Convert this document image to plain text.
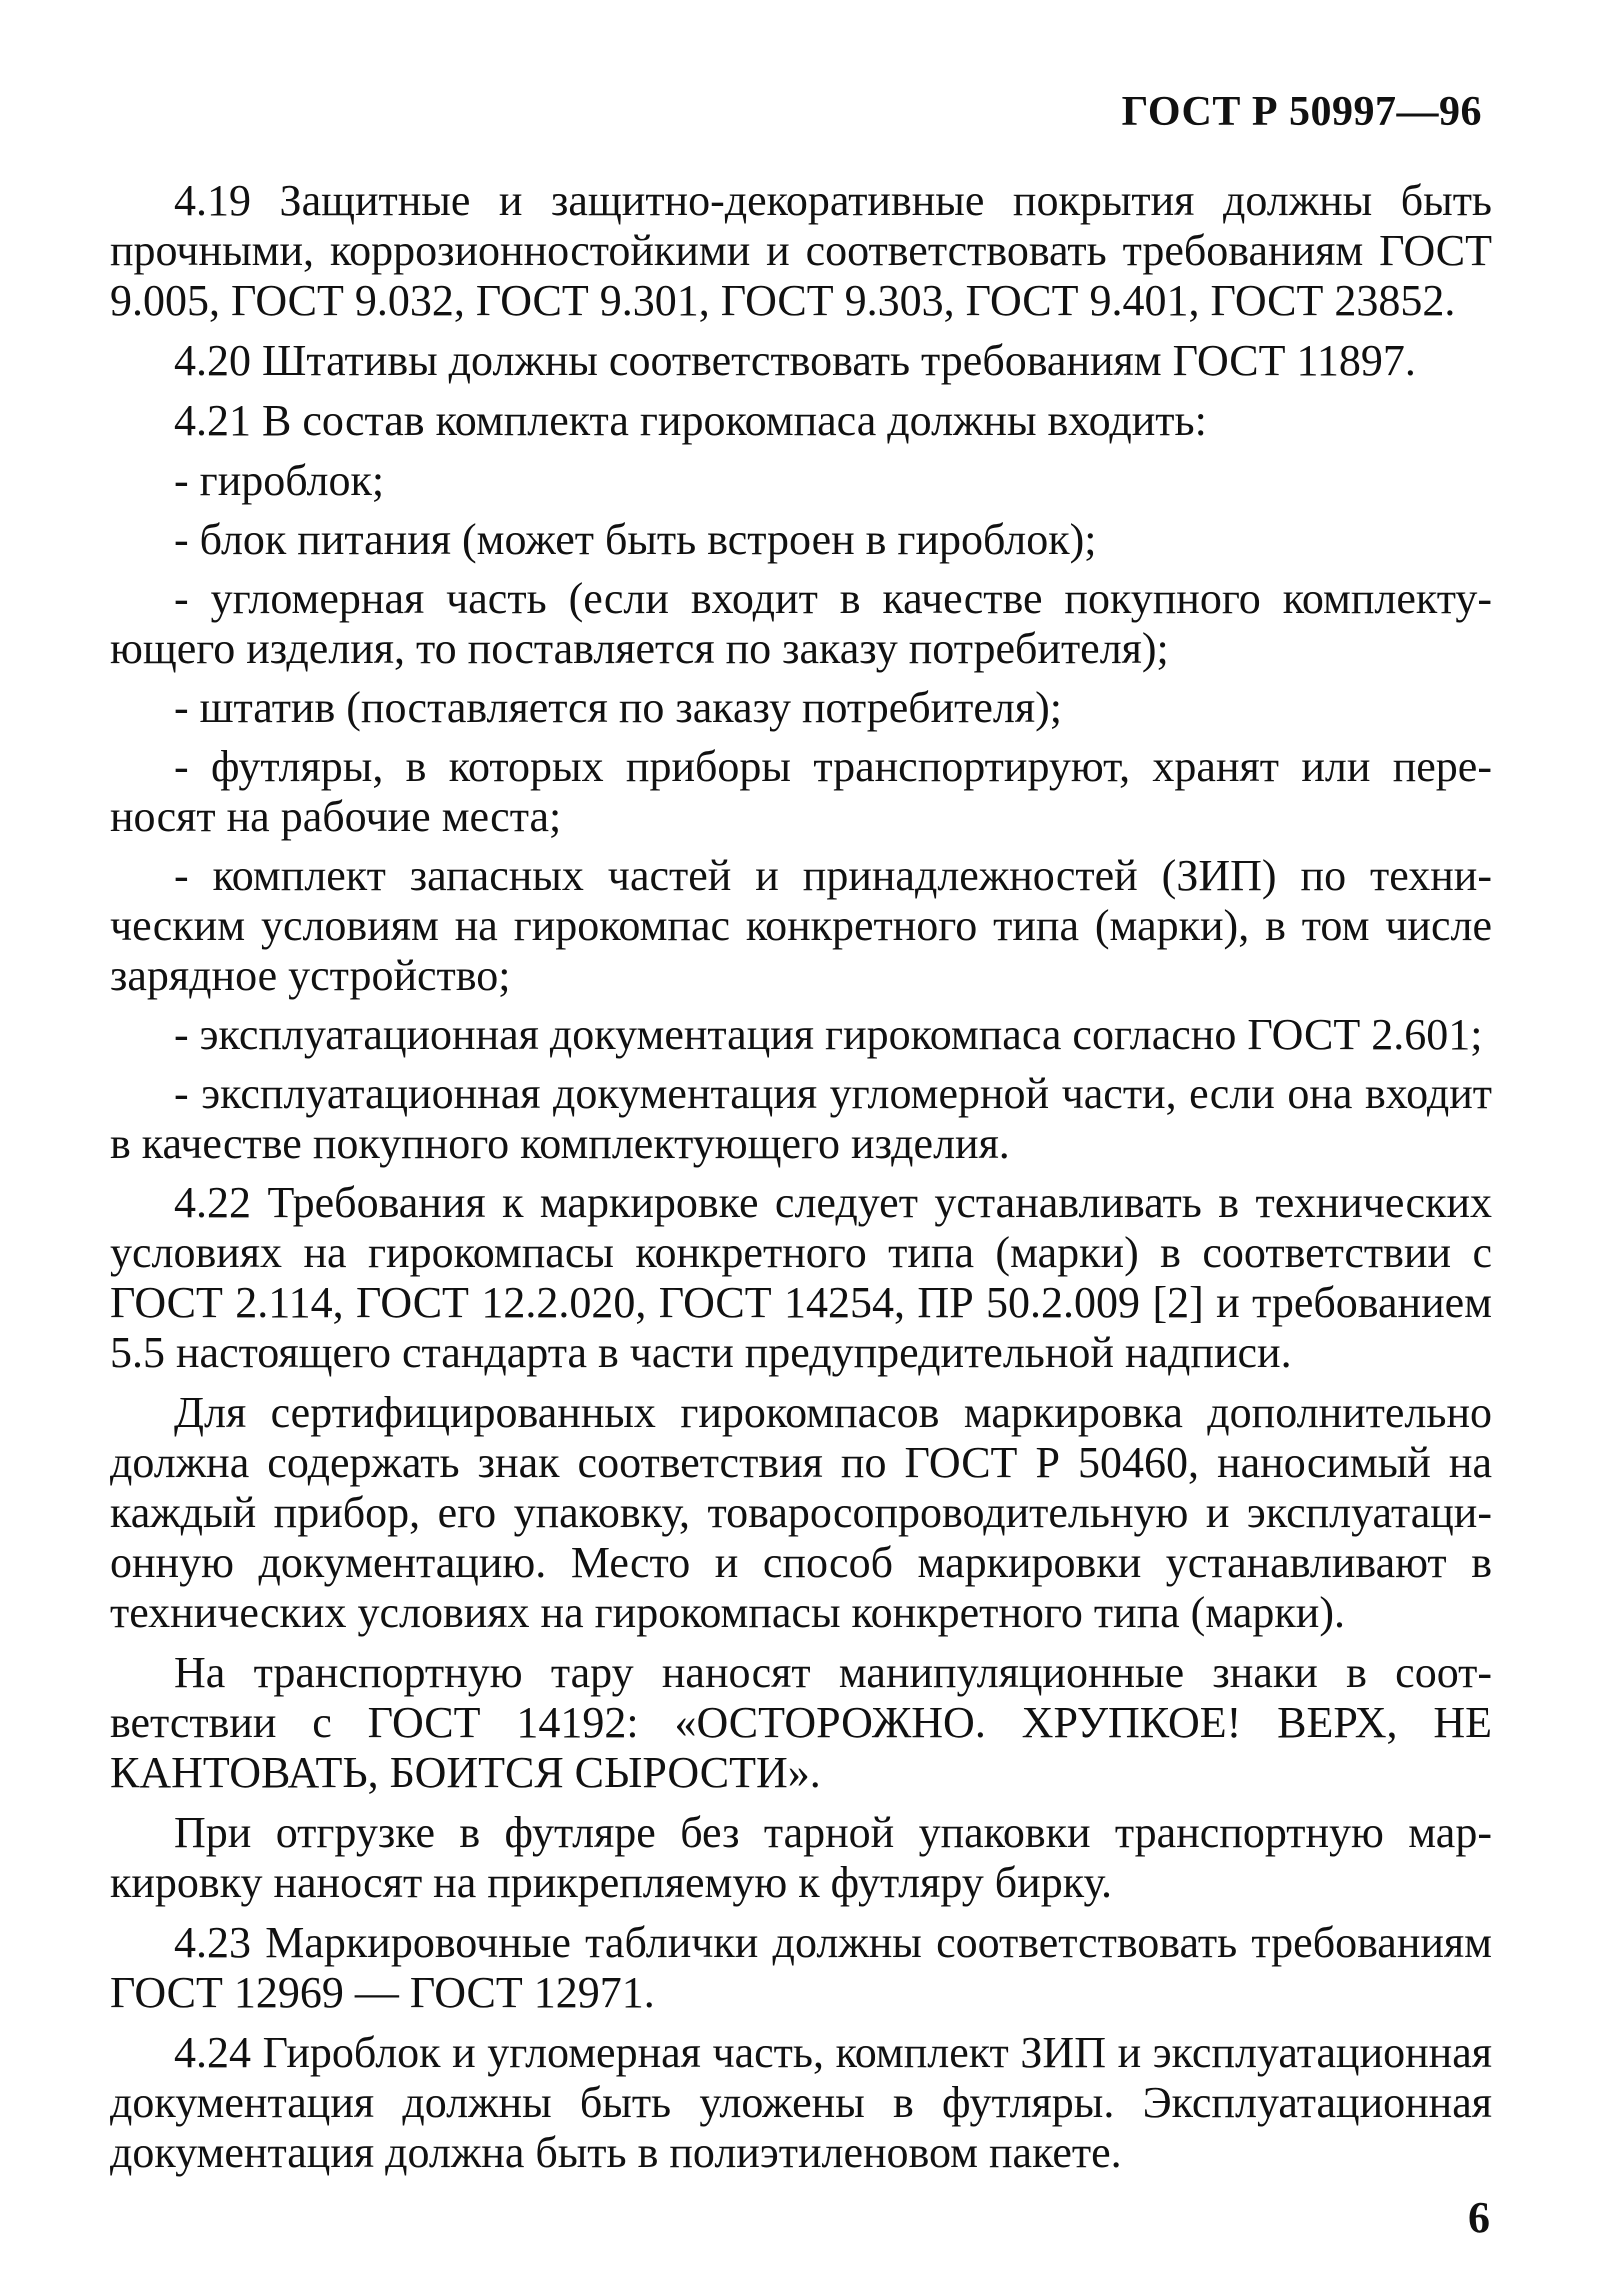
ГОСТ Р 50997—96

4.19 Защитные и защитно-декоративные покрытия должны быть прочными, коррозионностойкими и соответствовать требованиям ГОСТ 9.005, ГОСТ 9.032, ГОСТ 9.301, ГОСТ 9.303, ГОСТ 9.401, ГОСТ 23852.

4.20 Штативы должны соответствовать требованиям ГОСТ 11897.

4.21 В состав комплекта гирокомпаса должны входить:

- гироблок;

- блок питания (может быть встроен в гироблок);

- угломерная часть (если входит в качестве покупного комплектующего изделия, то поставляется по заказу потребителя);

- штатив (поставляется по заказу потребителя);

- футляры, в которых приборы транспортируют, хранят или переносят на рабочие места;

- комплект запасных частей и принадлежностей (ЗИП) по техническим условиям на гирокомпас конкретного типа (марки), в том числе зарядное устройство;

- эксплуатационная документация гирокомпаса согласно ГОСТ 2.601;

- эксплуатационная документация угломерной части, если она входит в качестве покупного комплектующего изделия.

4.22 Требования к маркировке следует устанавливать в технических условиях на гирокомпасы конкретного типа (марки) в соответствии с ГОСТ 2.114, ГОСТ 12.2.020, ГОСТ 14254, ПР 50.2.009 [2] и требованием 5.5 настоящего стандарта в части предупредительной надписи.

Для сертифицированных гирокомпасов маркировка дополнительно должна содержать знак соответствия по ГОСТ Р 50460, наносимый на каждый прибор, его упаковку, товаросопроводительную и эксплуатационную документацию. Место и способ маркировки устанавливают в технических условиях на гирокомпасы конкретного типа (марки).

На транспортную тару наносят манипуляционные знаки в соответствии с ГОСТ 14192: «ОСТОРОЖНО. ХРУПКОЕ! ВЕРХ, НЕ КАНТОВАТЬ, БОИТСЯ СЫРОСТИ».

При отгрузке в футляре без тарной упаковки транспортную маркировку наносят на прикрепляемую к футляру бирку.

4.23 Маркировочные таблички должны соответствовать требованиям ГОСТ 12969 — ГОСТ 12971.

4.24 Гироблок и угломерная часть, комплект ЗИП и эксплуатационная документация должны быть уложены в футляры. Эксплуатационная документация должна быть в полиэтиленовом пакете.

6
